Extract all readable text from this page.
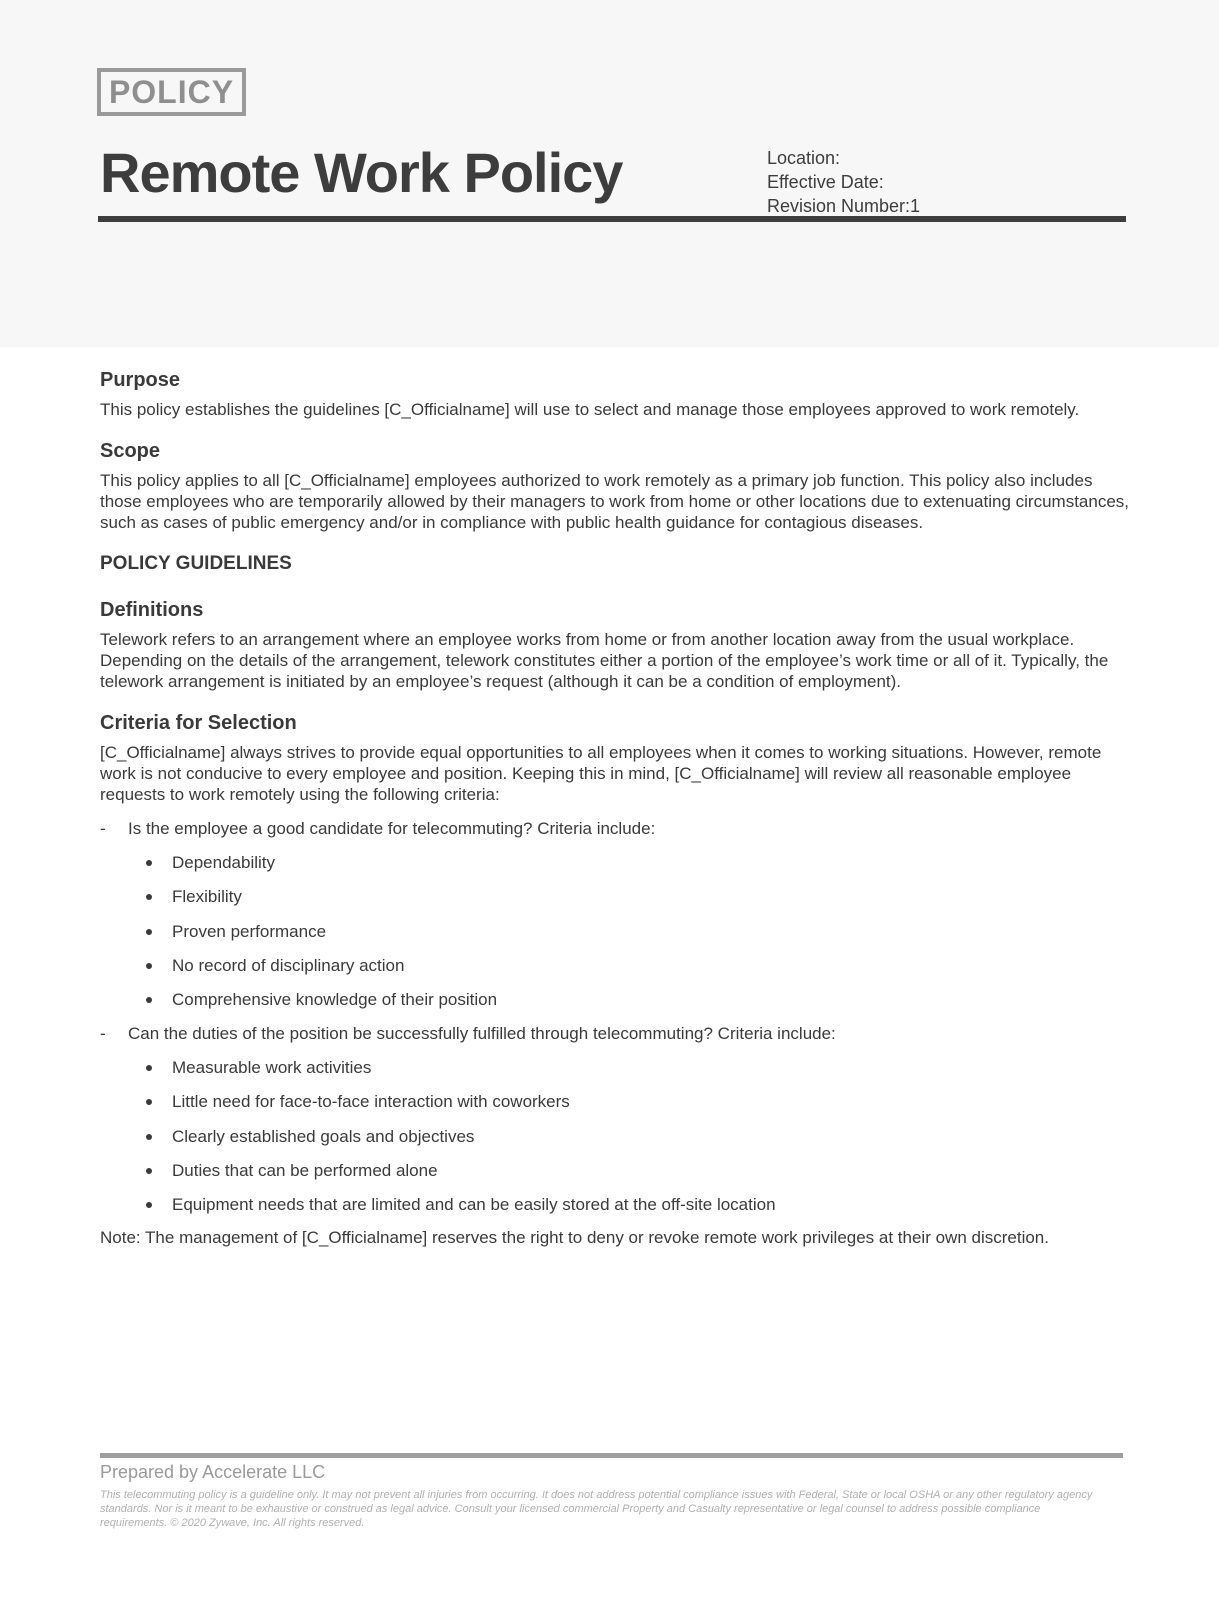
POLICY
Remote Work Policy	Location:
Effective Date:
Revision Number:1
Purpose

This policy establishes the guidelines [C_Officialname] will use to select and manage those employees approved to work remotely.

Scope

This policy applies to all [C_Officialname] employees authorized to work remotely as a primary job function. This policy also includes those employees who are temporarily allowed by their managers to work from home or other locations due to extenuating circumstances, such as cases of public emergency and/or in compliance with public health guidance for contagious diseases.

POLICY GUIDELINES
Definitions

Telework refers to an arrangement where an employee works from home or from another location away from the usual workplace. Depending on the details of the arrangement, telework constitutes either a portion of the employee’s work time or all of it. Typically, the telework arrangement is initiated by an employee’s request (although it can be a condition of employment).

Criteria for Selection

[C_Officialname] always strives to provide equal opportunities to all employees when it comes to working situations. However, remote work is not conducive to every employee and position. Keeping this in mind, [C_Officialname] will review all reasonable employee requests to work remotely using the following criteria:

- Is the employee a good candidate for telecommuting? Criteria include:
Dependability
Flexibility
Proven performance
No record of disciplinary action
Comprehensive knowledge of their position
- Can the duties of the position be successfully fulfilled through telecommuting? Criteria include:
Measurable work activities
Little need for face-to-face interaction with coworkers
Clearly established goals and objectives
Duties that can be performed alone
Equipment needs that are limited and can be easily stored at the off-site location

Note: The management of [C_Officialname] reserves the right to deny or revoke remote work privileges at their own discretion.

Prepared by Accelerate LLC
This telecommuting policy is a guideline only. It may not prevent all injuries from occurring. It does not address potential compliance issues with Federal, State or local OSHA or any other regulatory agency standards. Nor is it meant to be exhaustive or construed as legal advice. Consult your licensed commercial Property and Casualty representative or legal counsel to address possible compliance requirements. © 2020 Zywave, Inc. All rights reserved.
